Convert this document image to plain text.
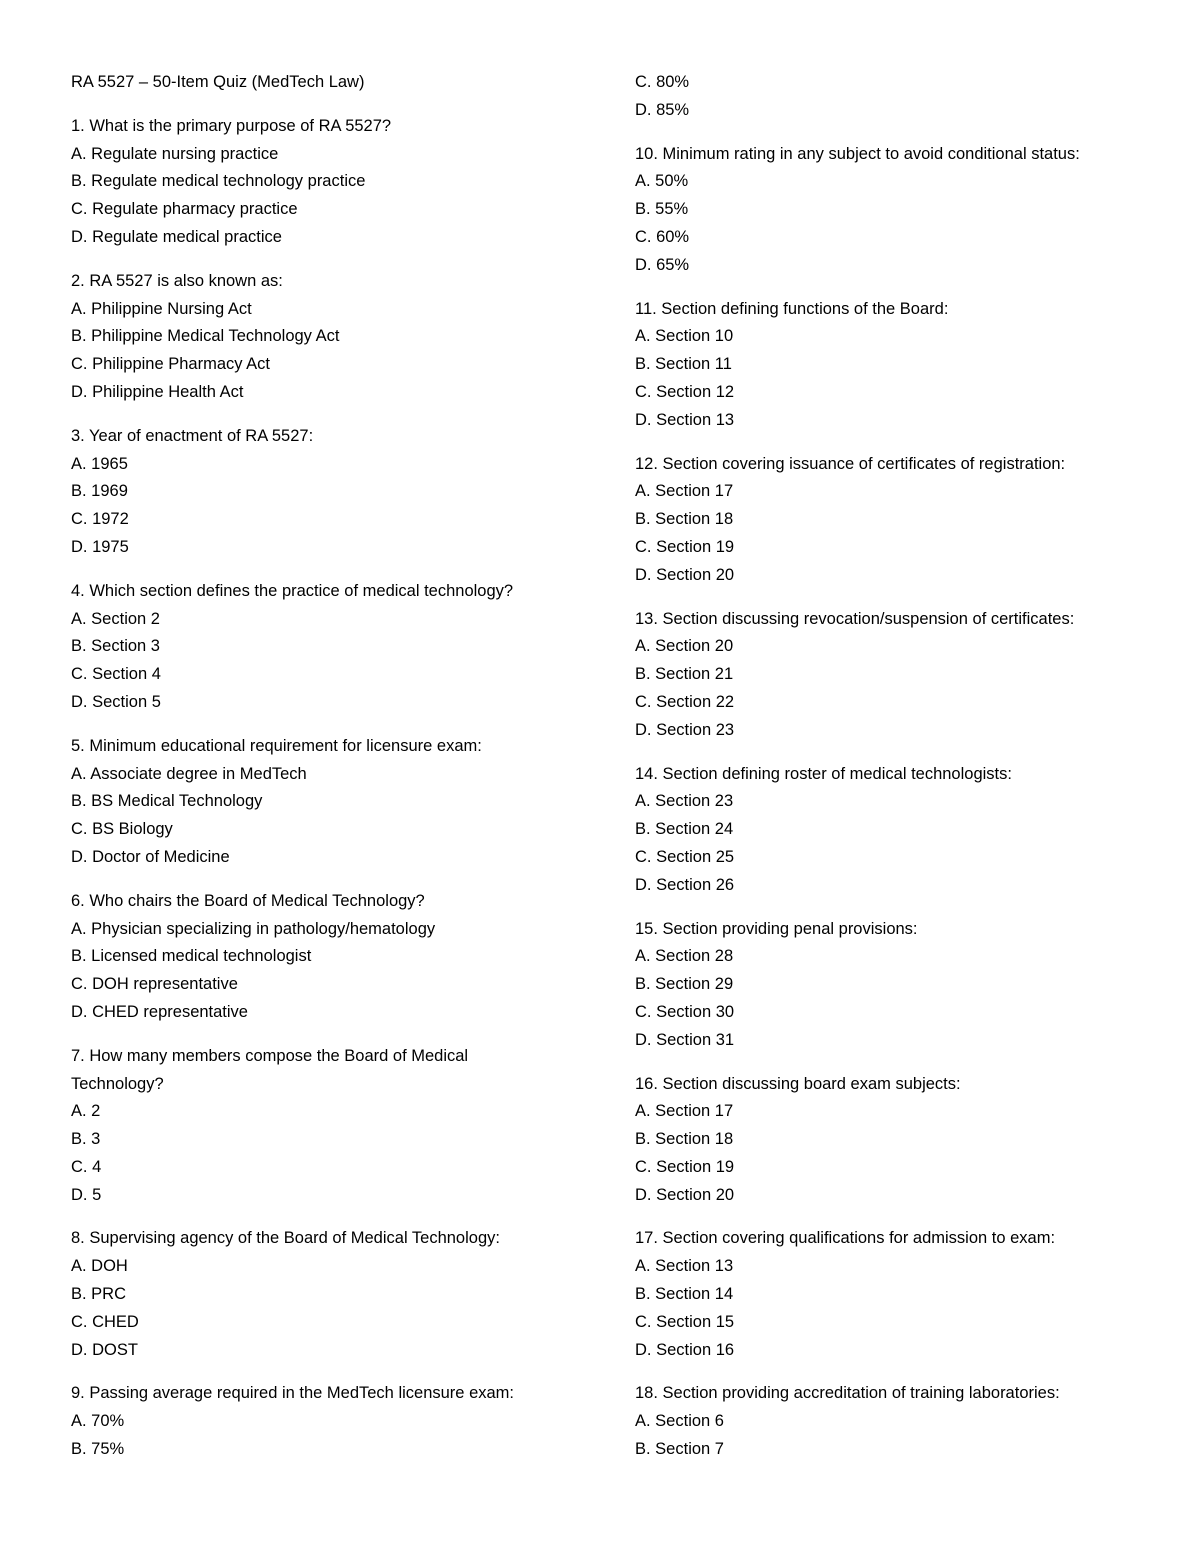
RA 5527 – 50-Item Quiz (MedTech Law)

1. What is the primary purpose of RA 5527?

A. Regulate nursing practice

B. Regulate medical technology practice

C. Regulate pharmacy practice

D. Regulate medical practice

2. RA 5527 is also known as:

A. Philippine Nursing Act

B. Philippine Medical Technology Act

C. Philippine Pharmacy Act

D. Philippine Health Act

3. Year of enactment of RA 5527:

A. 1965

B. 1969

C. 1972

D. 1975

4. Which section defines the practice of medical technology?

A. Section 2

B. Section 3

C. Section 4

D. Section 5

5. Minimum educational requirement for licensure exam:

A. Associate degree in MedTech

B. BS Medical Technology

C. BS Biology

D. Doctor of Medicine

6. Who chairs the Board of Medical Technology?

A. Physician specializing in pathology/hematology

B. Licensed medical technologist

C. DOH representative

D. CHED representative

7. How many members compose the Board of Medical Technology?

A. 2

B. 3

C. 4

D. 5

8. Supervising agency of the Board of Medical Technology:

A. DOH

B. PRC

C. CHED

D. DOST

9. Passing average required in the MedTech licensure exam:

A. 70%

B. 75%

C. 80%

D. 85%

10. Minimum rating in any subject to avoid conditional status:

A. 50%

B. 55%

C. 60%

D. 65%

11. Section defining functions of the Board:

A. Section 10

B. Section 11

C. Section 12

D. Section 13

12. Section covering issuance of certificates of registration:

A. Section 17

B. Section 18

C. Section 19

D. Section 20

13. Section discussing revocation/suspension of certificates:

A. Section 20

B. Section 21

C. Section 22

D. Section 23

14. Section defining roster of medical technologists:

A. Section 23

B. Section 24

C. Section 25

D. Section 26

15. Section providing penal provisions:

A. Section 28

B. Section 29

C. Section 30

D. Section 31

16. Section discussing board exam subjects:

A. Section 17

B. Section 18

C. Section 19

D. Section 20

17. Section covering qualifications for admission to exam:

A. Section 13

B. Section 14

C. Section 15

D. Section 16

18. Section providing accreditation of training laboratories:

A. Section 6

B. Section 7
